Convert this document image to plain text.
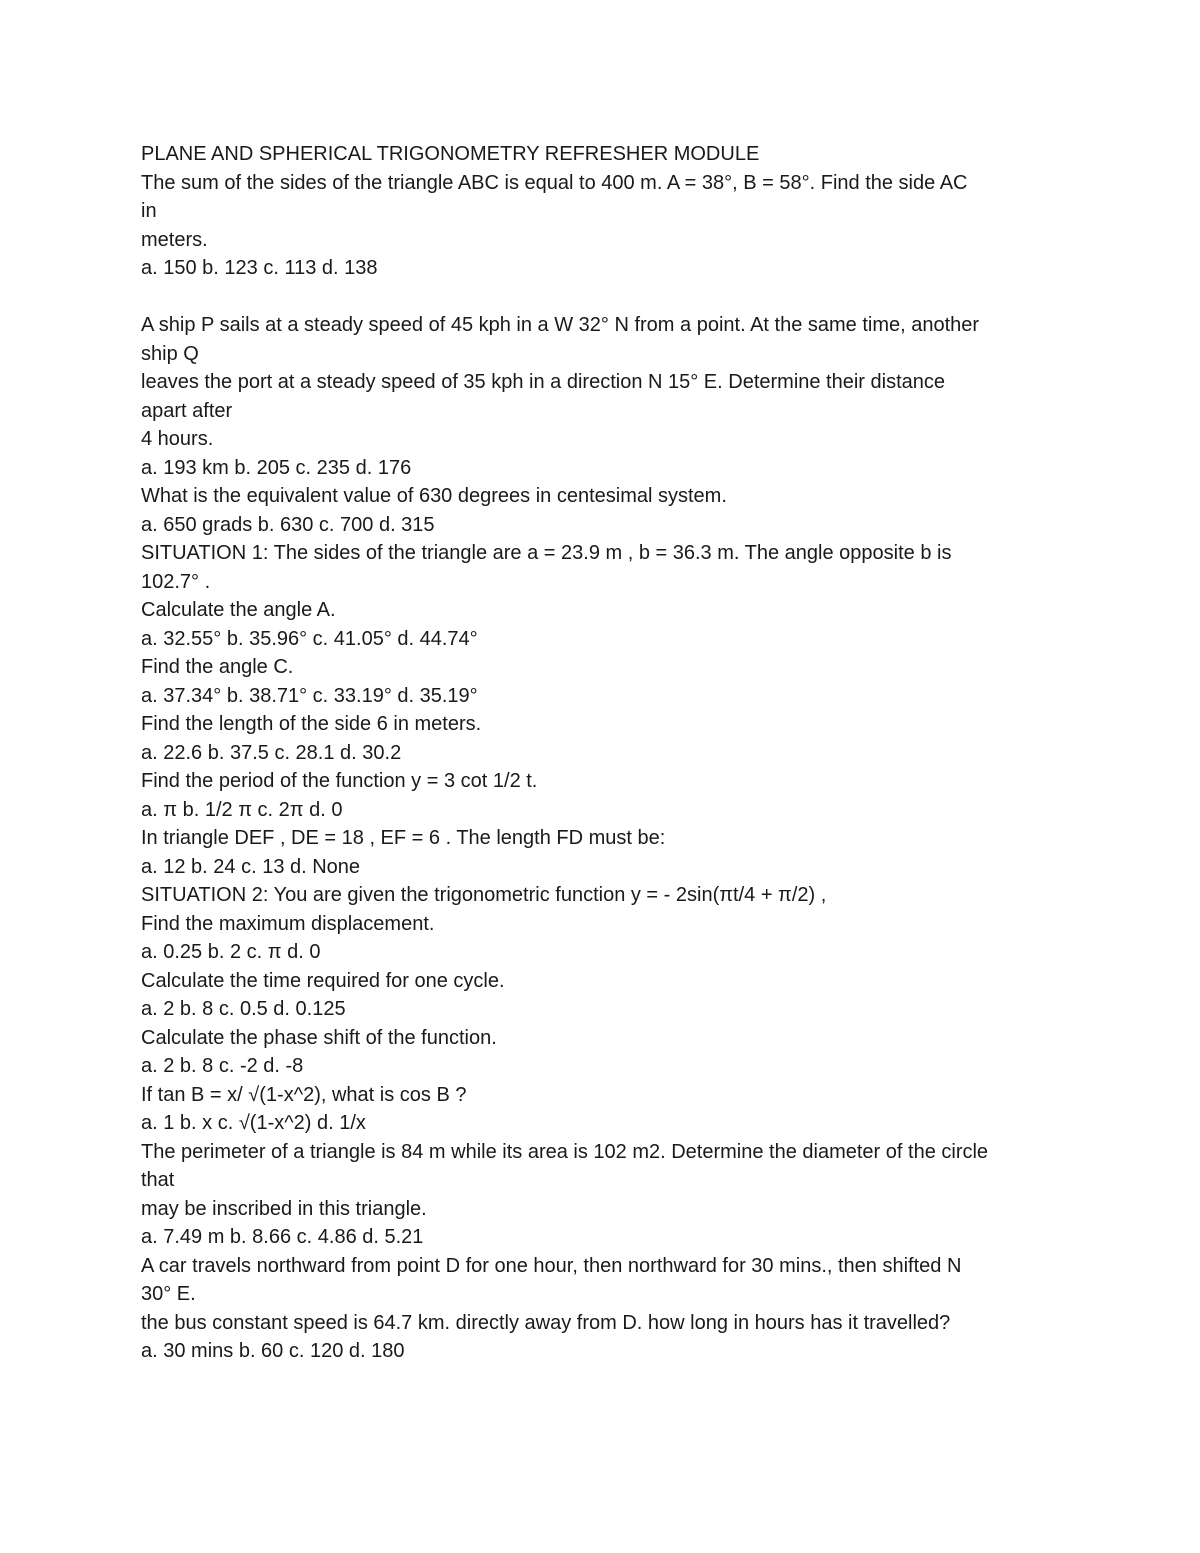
PLANE AND SPHERICAL TRIGONOMETRY REFRESHER MODULE
The sum of the sides of the triangle ABC is equal to 400 m. A = 38°, B = 58°. Find the side AC
in
meters.
a. 150 b. 123 c. 113 d. 138
A ship P sails at a steady speed of 45 kph in a W 32° N from a point. At the same time, another
ship Q
leaves the port at a steady speed of 35 kph in a direction N 15° E. Determine their distance
apart after
4 hours.
a. 193 km b. 205 c. 235 d. 176
What is the equivalent value of 630 degrees in centesimal system.
a. 650 grads b. 630 c. 700 d. 315
SITUATION 1: The sides of the triangle are a = 23.9 m , b = 36.3 m. The angle opposite b is
102.7° .
Calculate the angle A.
a. 32.55° b. 35.96° c. 41.05° d. 44.74°
Find the angle C.
a. 37.34° b. 38.71° c. 33.19° d. 35.19°
Find the length of the side 6 in meters.
a. 22.6 b. 37.5 c. 28.1 d. 30.2
Find the period of the function y = 3 cot 1/2 t.
a. π b. 1/2 π c. 2π d. 0
In triangle DEF , DE = 18 , EF = 6 . The length FD must be:
a. 12 b. 24 c. 13 d. None
SITUATION 2: You are given the trigonometric function y = - 2sin(πt/4 + π/2) ,
Find the maximum displacement.
a. 0.25 b. 2 c. π d. 0
Calculate the time required for one cycle.
a. 2 b. 8 c. 0.5 d. 0.125
Calculate the phase shift of the function.
a. 2 b. 8 c. -2 d. -8
If tan B = x/ √(1-x^2), what is cos B ?
a. 1 b. x c. √(1-x^2) d. 1/x
The perimeter of a triangle is 84 m while its area is 102 m2. Determine the diameter of the circle
that
may be inscribed in this triangle.
a. 7.49 m b. 8.66 c. 4.86 d. 5.21
A car travels northward from point D for one hour, then northward for 30 mins., then shifted N
30° E.
the bus constant speed is 64.7 km. directly away from D. how long in hours has it travelled?
a. 30 mins b. 60 c. 120 d. 180
